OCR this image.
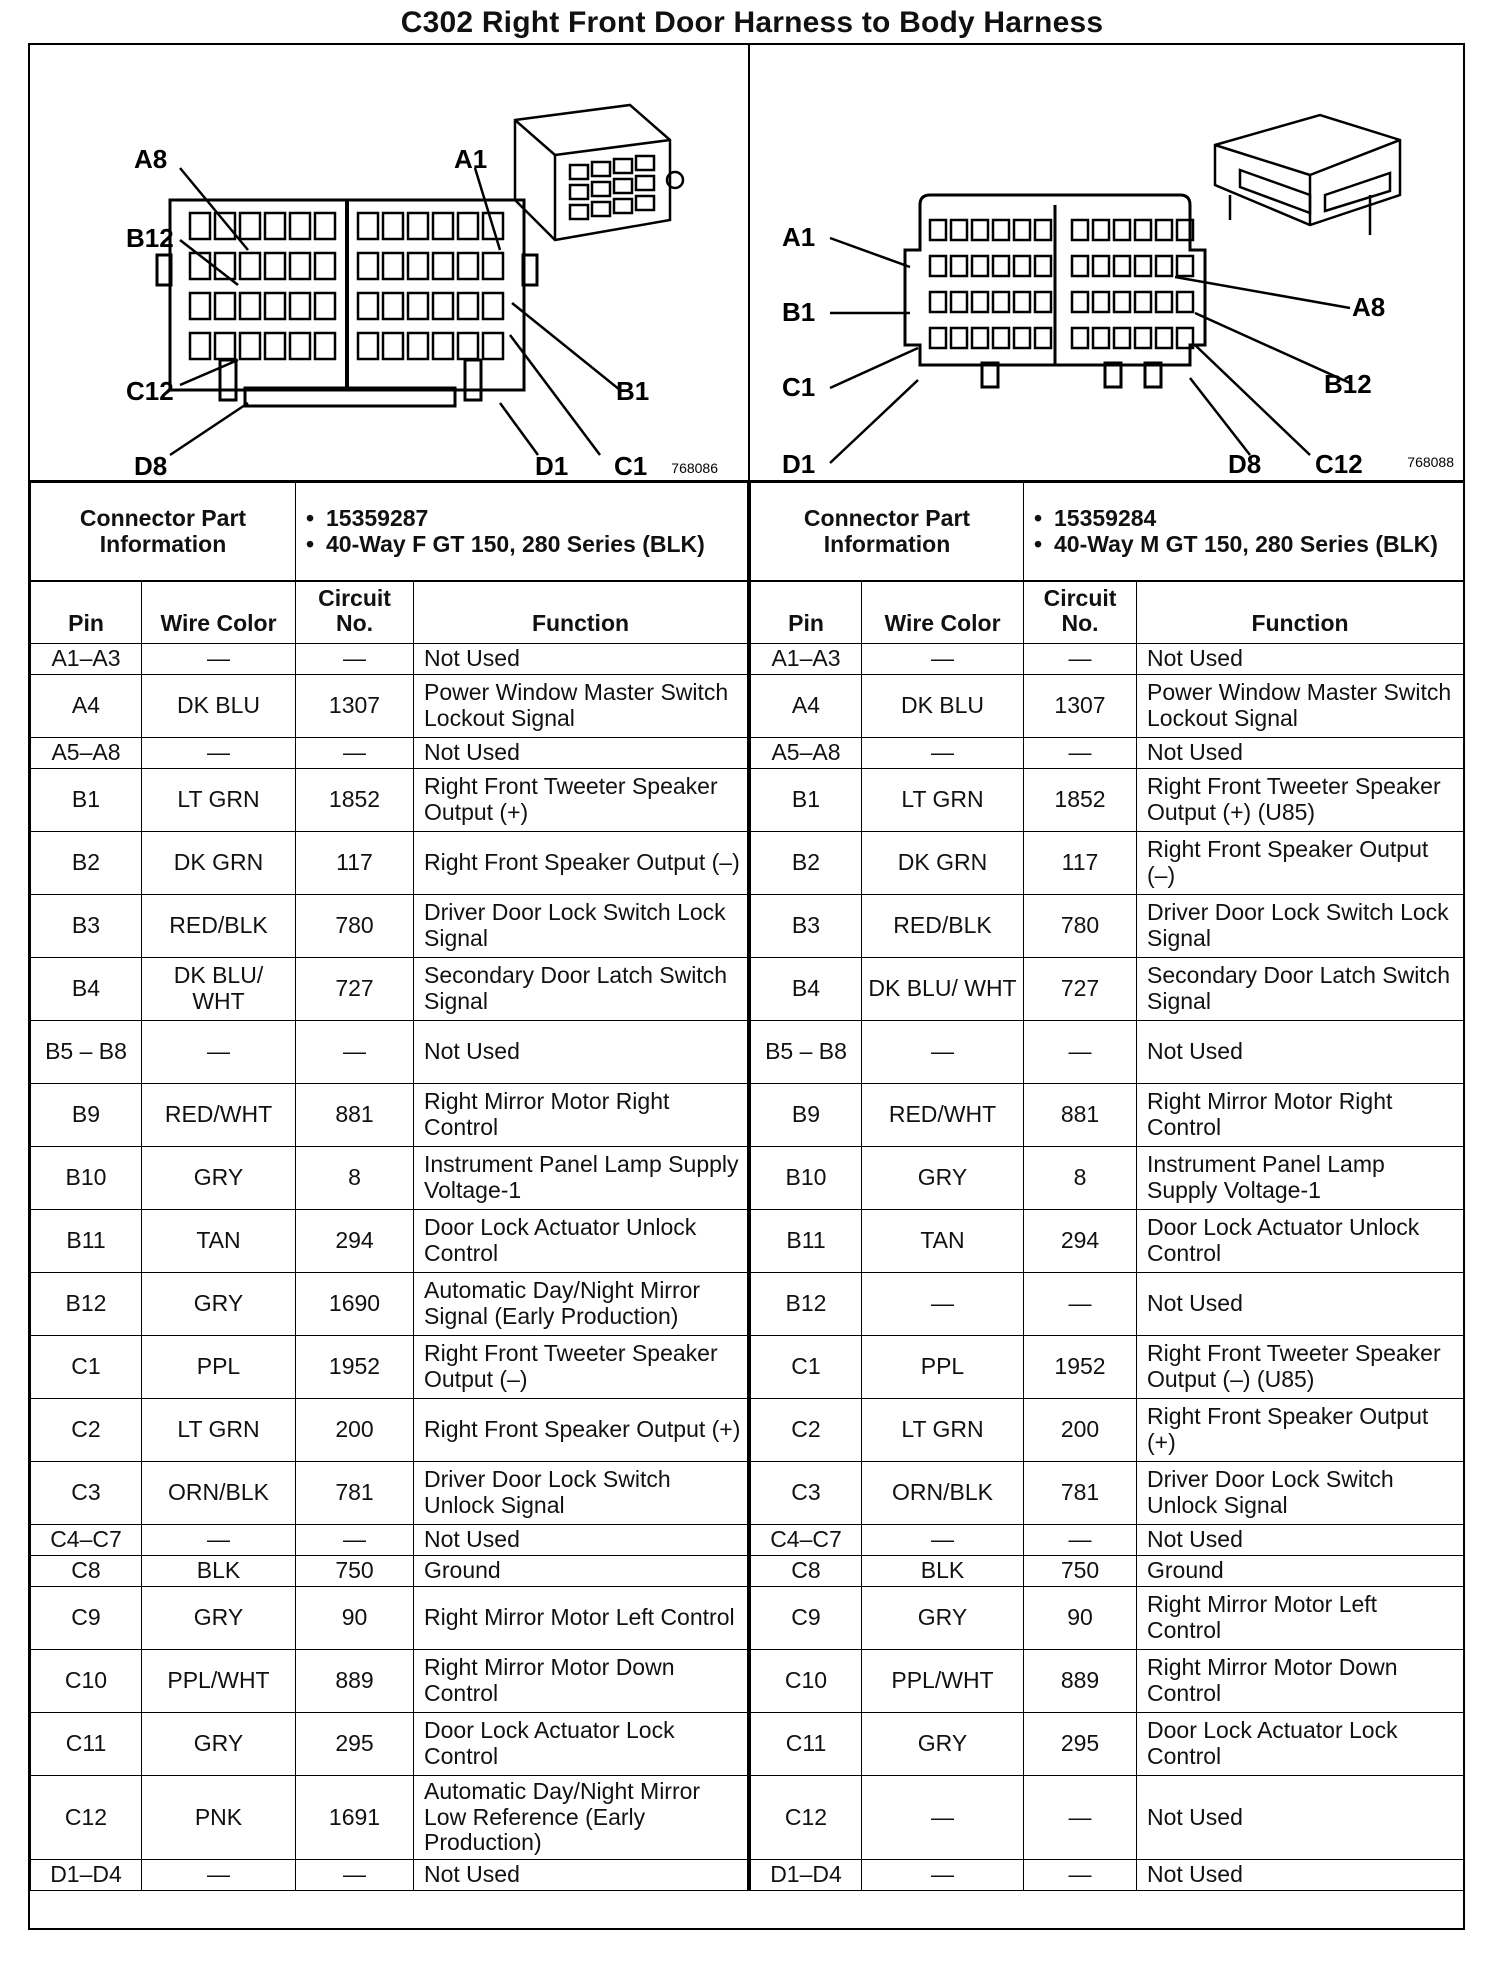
C302 Right Front Door Harness to Body Harness
A8	A1
B12
C12	B1
D8	D1 C1 768086
Connector Part Information	
• 15359287
• 40-Way F GT 150, 280 Series (BLK)
Pin	Wire Color	Circuit No.	Function
A1–A3	—	—	Not Used
A4	DK BLU	1307	Power Window Master Switch Lockout Signal
A5–A8	—	—	Not Used
B1	LT GRN	1852	Right Front Tweeter Speaker Output (+)
B2	DK GRN	117	Right Front Speaker Output (–)
B3	RED/BLK	780	Driver Door Lock Switch Lock Signal
B4	DK BLU/ WHT	727	Secondary Door Latch Switch Signal
B5 – B8	—	—	Not Used
B9	RED/WHT	881	Right Mirror Motor Right Control
B10	GRY	8	Instrument Panel Lamp Supply Voltage-1
B11	TAN	294	Door Lock Actuator Unlock Control
B12	GRY	1690	Automatic Day/Night Mirror Signal (Early Production)
C1	PPL	1952	Right Front Tweeter Speaker Output (–)
C2	LT GRN	200	Right Front Speaker Output (+)
C3	ORN/BLK	781	Driver Door Lock Switch Unlock Signal
C4–C7	—	—	Not Used
C8	BLK	750	Ground
C9	GRY	90	Right Mirror Motor Left Control
C10	PPL/WHT	889	Right Mirror Motor Down Control
C11	GRY	295	Door Lock Actuator Lock Control
C12	PNK	1691	Automatic Day/Night Mirror Low Reference (Early Production)
D1–D4	—	—	Not Used
A1
B1
C1
D1
A8
B12
D8 C12	768088
Connector Part Information	
• 15359284
• 40-Way M GT 150, 280 Series (BLK)
Pin	Wire Color	Circuit No.	Function
A1–A3	—	—	Not Used
A4	DK BLU	1307	Power Window Master Switch Lockout Signal
A5–A8	—	—	Not Used
B1	LT GRN	1852	Right Front Tweeter Speaker Output (+) (U85)
B2	DK GRN	117	Right Front Speaker Output (–)
B3	RED/BLK	780	Driver Door Lock Switch Lock Signal
B4	DK BLU/ WHT	727	Secondary Door Latch Switch Signal
B5 – B8	—	—	Not Used
B9	RED/WHT	881	Right Mirror Motor Right Control
B10	GRY	8	Instrument Panel Lamp Supply Voltage-1
B11	TAN	294	Door Lock Actuator Unlock Control
B12	—	—	Not Used
C1	PPL	1952	Right Front Tweeter Speaker Output (–) (U85)
C2	LT GRN	200	Right Front Speaker Output (+)
C3	ORN/BLK	781	Driver Door Lock Switch Unlock Signal
C4–C7	—	—	Not Used
C8	BLK	750	Ground
C9	GRY	90	Right Mirror Motor Left Control
C10	PPL/WHT	889	Right Mirror Motor Down Control
C11	GRY	295	Door Lock Actuator Lock Control
C12	—	—	Not Used
D1–D4	—	—	Not Used
